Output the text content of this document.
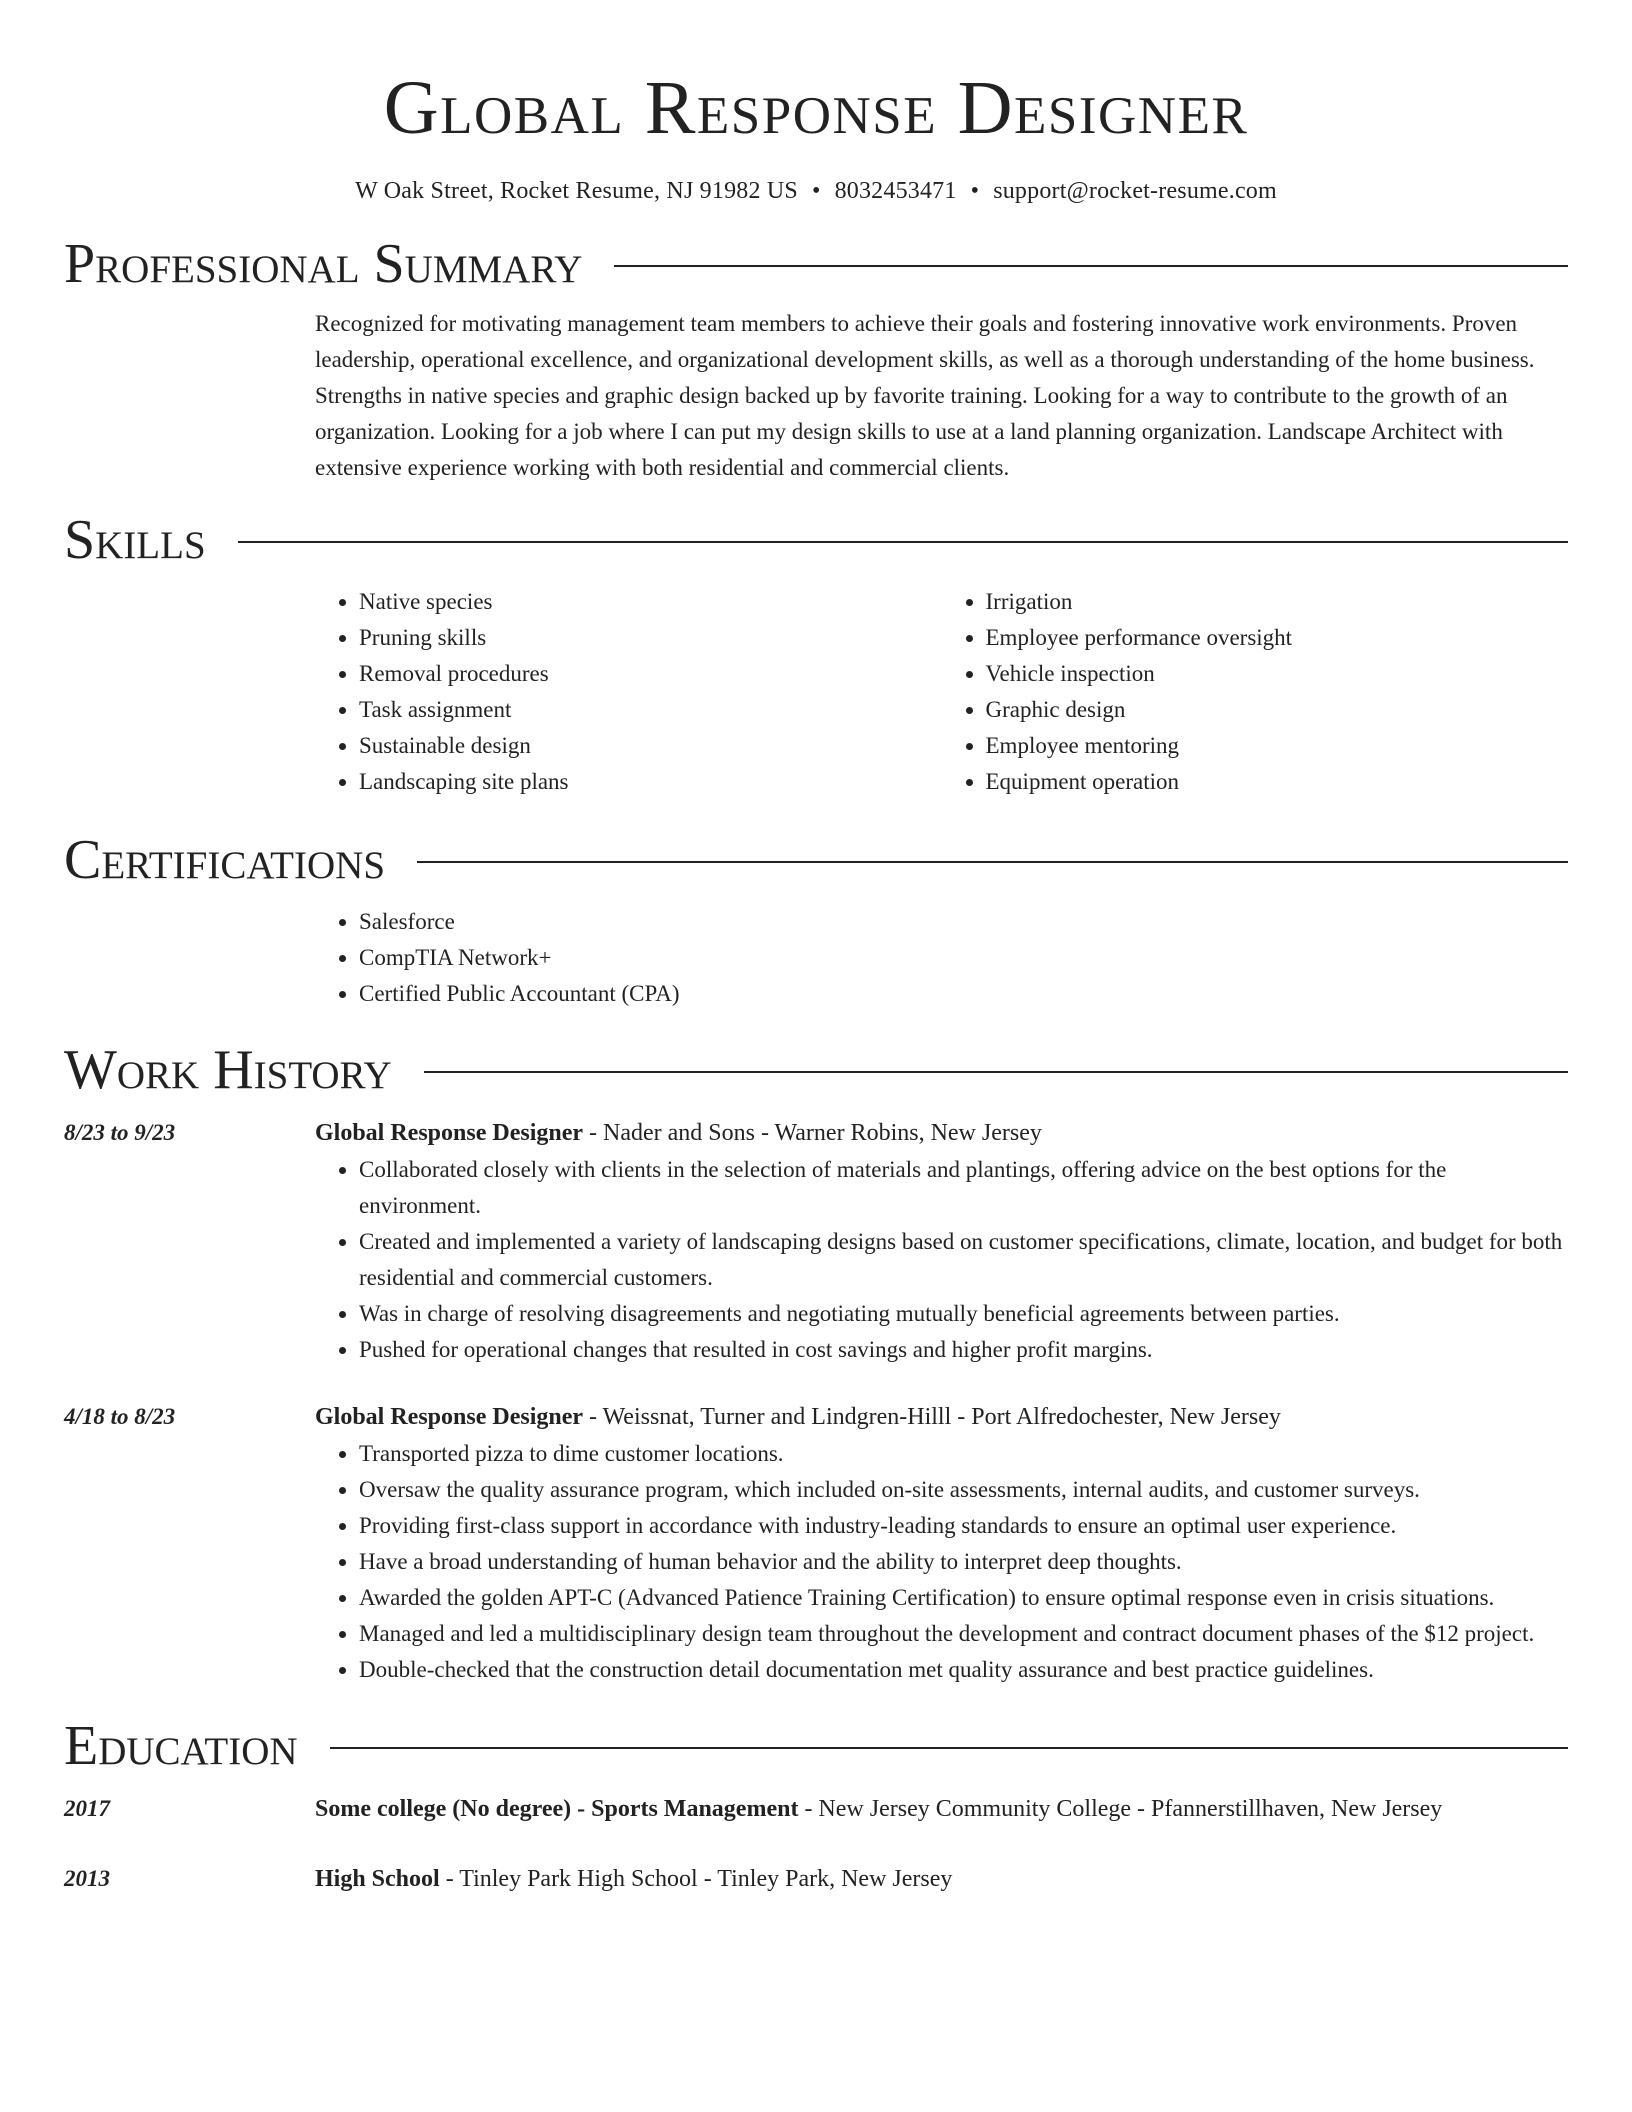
Global Response Designer
W Oak Street, Rocket Resume, NJ 91982 US • 8032453471 • support@rocket-resume.com
Professional Summary

Recognized for motivating management team members to achieve their goals and fostering innovative work environments. Proven leadership, operational excellence, and organizational development skills, as well as a thorough understanding of the home business. Strengths in native species and graphic design backed up by favorite training. Looking for a way to contribute to the growth of an organization. Looking for a job where I can put my design skills to use at a land planning organization. Landscape Architect with extensive experience working with both residential and commercial clients.

Skills
• Native species
• Pruning skills
• Removal procedures
• Task assignment
• Sustainable design
• Landscaping site plans
• Irrigation
• Employee performance oversight
• Vehicle inspection
• Graphic design
• Employee mentoring
• Equipment operation
Certifications
• Salesforce
• CompTIA Network+
• Certified Public Accountant (CPA)
Work History
8/23 to 9/23	Global Response Designer - Nader and Sons - Warner Robins, New Jersey
• Collaborated closely with clients in the selection of materials and plantings, offering advice on the best options for the environment.
• Created and implemented a variety of landscaping designs based on customer specifications, climate, location, and budget for both residential and commercial customers.
• Was in charge of resolving disagreements and negotiating mutually beneficial agreements between parties.
• Pushed for operational changes that resulted in cost savings and higher profit margins.
4/18 to 8/23	Global Response Designer - Weissnat, Turner and Lindgren-Hilll - Port Alfredochester, New Jersey
• Transported pizza to dime customer locations.
• Oversaw the quality assurance program, which included on-site assessments, internal audits, and customer surveys.
• Providing first-class support in accordance with industry-leading standards to ensure an optimal user experience.
• Have a broad understanding of human behavior and the ability to interpret deep thoughts.
• Awarded the golden APT-C (Advanced Patience Training Certification) to ensure optimal response even in crisis situations.
• Managed and led a multidisciplinary design team throughout the development and contract document phases of the $12 project.
• Double-checked that the construction detail documentation met quality assurance and best practice guidelines.
Education
2017	Some college (No degree) - Sports Management - New Jersey Community College - Pfannerstillhaven, New Jersey
2013	High School - Tinley Park High School - Tinley Park, New Jersey
